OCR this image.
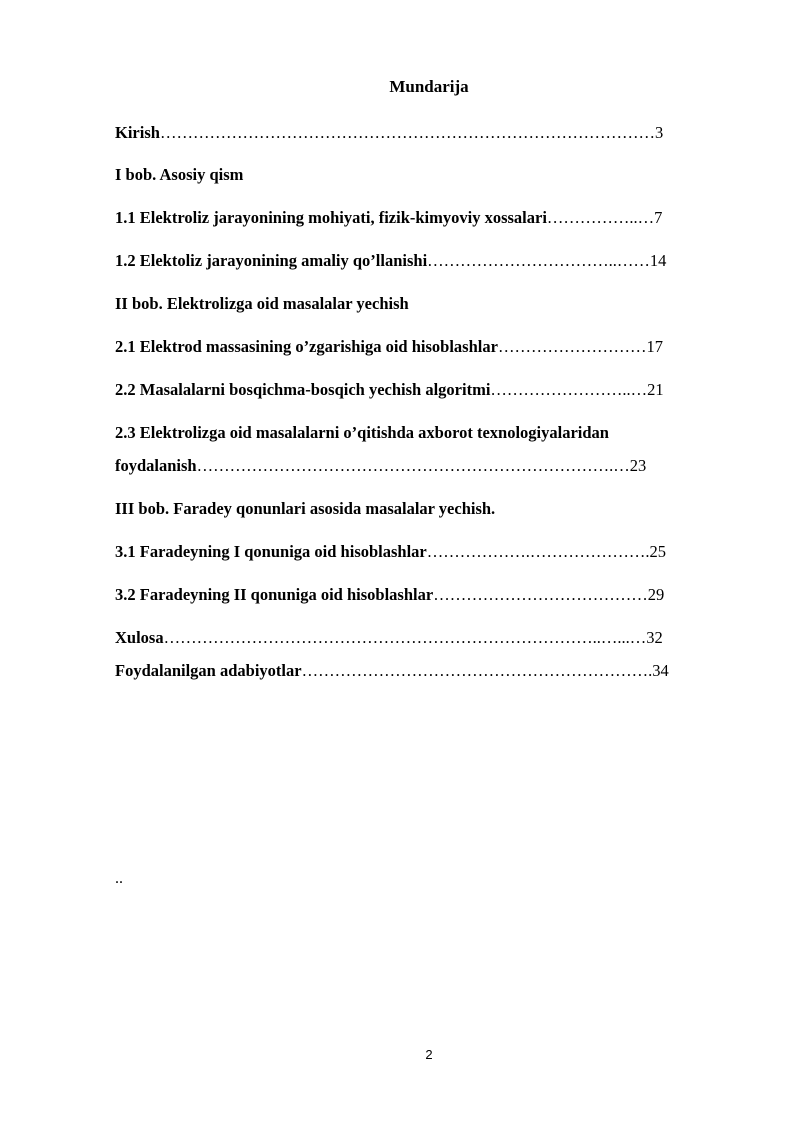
Mundarija
Kirish………………………………………………………………………………3
I bob. Asosiy qism
1.1 Elektroliz jarayonining mohiyati, fizik-kimyoviy xossalari……………..…7
1.2 Elektoliz jarayonining amaliy qo’llanishi……………………………..……14
II bob. Elektrolizga oid masalalar yechish
2.1 Elektrod massasining o’zgarishiga oid hisoblashlar………………………17
2.2 Masalalarni bosqichma-bosqich yechish algoritmi……………………..…21
2.3 Elektrolizga oid masalalarni o’qitishda axborot texnologiyalaridan
foydalanish………………………………………………………………….…23
III bob. Faradey qonunlari asosida masalalar yechish.
3.1 Faradeyning I qonuniga oid hisoblashlar……………….………………….25
3.2 Faradeyning II qonuniga oid hisoblashlar…………………………………29
Xulosa……………………………………………………………………..…...…32
Foydalanilgan adabiyotlar……………………………………………………….34
..
2
